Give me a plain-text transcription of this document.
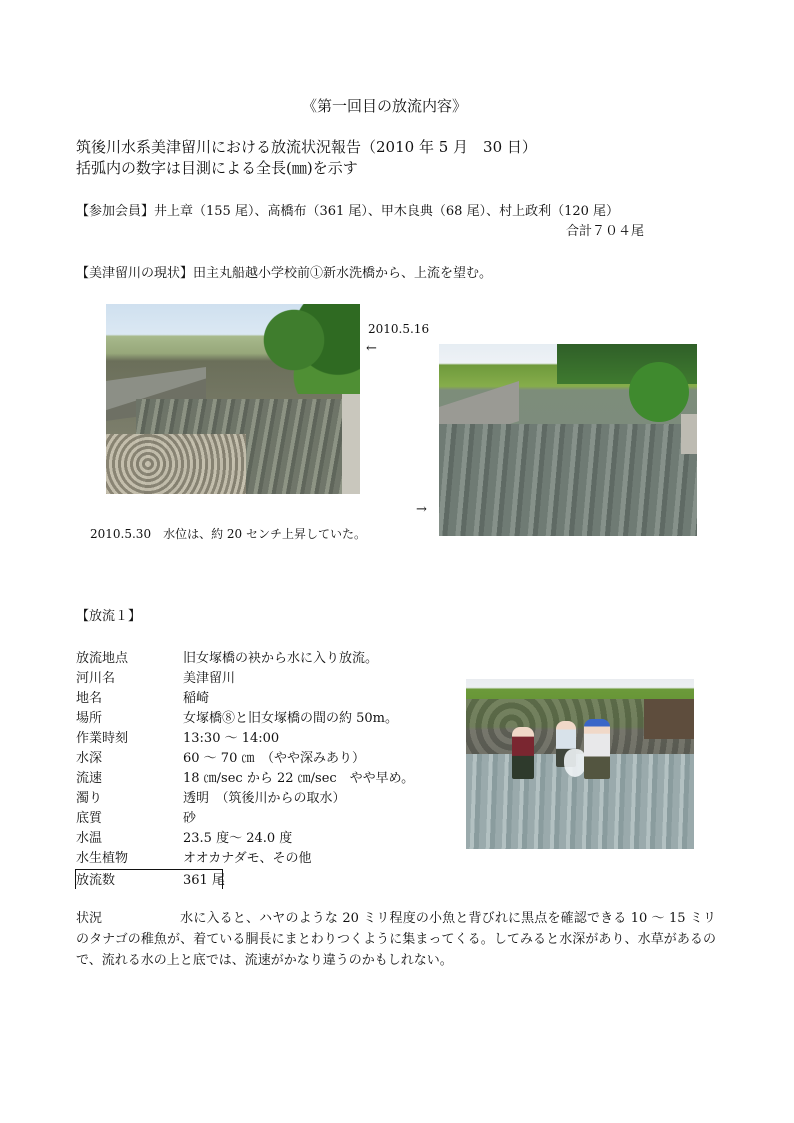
《第一回目の放流内容》
筑後川水系美津留川における放流状況報告（2010 年 5 月　30 日）
括弧内の数字は目測による全長(㎜)を示す
【参加会員】井上章（155 尾）、高橋布（361 尾）、甲木良典（68 尾）、村上政利（120 尾）
合計７０４尾
【美津留川の現状】田主丸船越小学校前①新水洗橋から、上流を望む。
2010.5.16
←
→
2010.5.30　水位は、約 20 センチ上昇していた。
【放流１】
放流地点	旧女塚橋の袂から水に入り放流。
河川名	美津留川
地名	稲崎
場所	女塚橋⑧と旧女塚橋の間の約 50m。
作業時刻	13:30 〜 14:00
水深	60 〜 70 ㎝　（やや深みあり）
流速	18 ㎝/sec から 22 ㎝/sec　やや早め。
濁り	透明　（筑後川からの取水）
底質	砂
水温	23.5 度〜 24.0 度
水生植物	オオカナダモ、その他
放流数	361 尾
状況	水に入ると、ハヤのような 20 ミリ程度の小魚と背びれに黒点を確認できる 10 〜 15 ミリのタナゴの稚魚が、着ている胴長にまとわりつくように集まってくる。してみると水深があり、水草があるので、流れる水の上と底では、流速がかなり違うのかもしれない。
